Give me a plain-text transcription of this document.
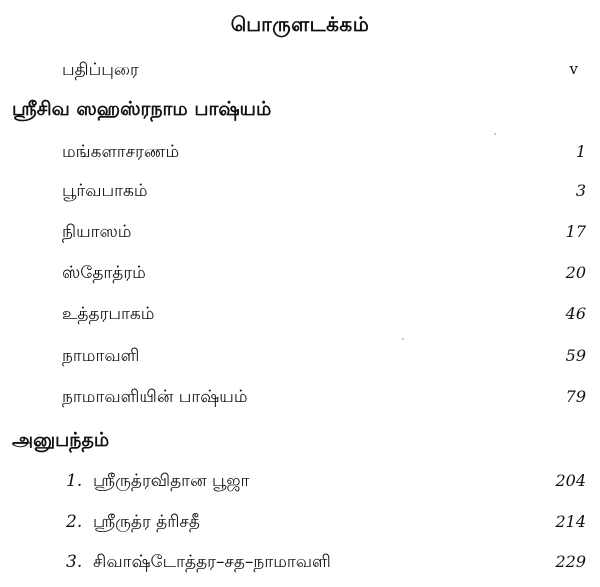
பொருளடக்கம்
பதிப்புரை	v
ஸ்ரீசிவ ஸஹஸ்ரநாம பாஷ்யம்
மங்களாசரணம்	1
பூர்வபாகம்	3
நியாஸம்	17
ஸ்தோத்ரம்	20
உத்தரபாகம்	46
நாமாவளி	59
நாமாவளியின் பாஷ்யம்	79
அனுபந்தம்
1. ஸ்ரீருத்ரவிதான பூஜா	204
2. ஸ்ரீருத்ர த்ரிசதீ	214
3. சிவாஷ்டோத்தர–சத–நாமாவளி	229
